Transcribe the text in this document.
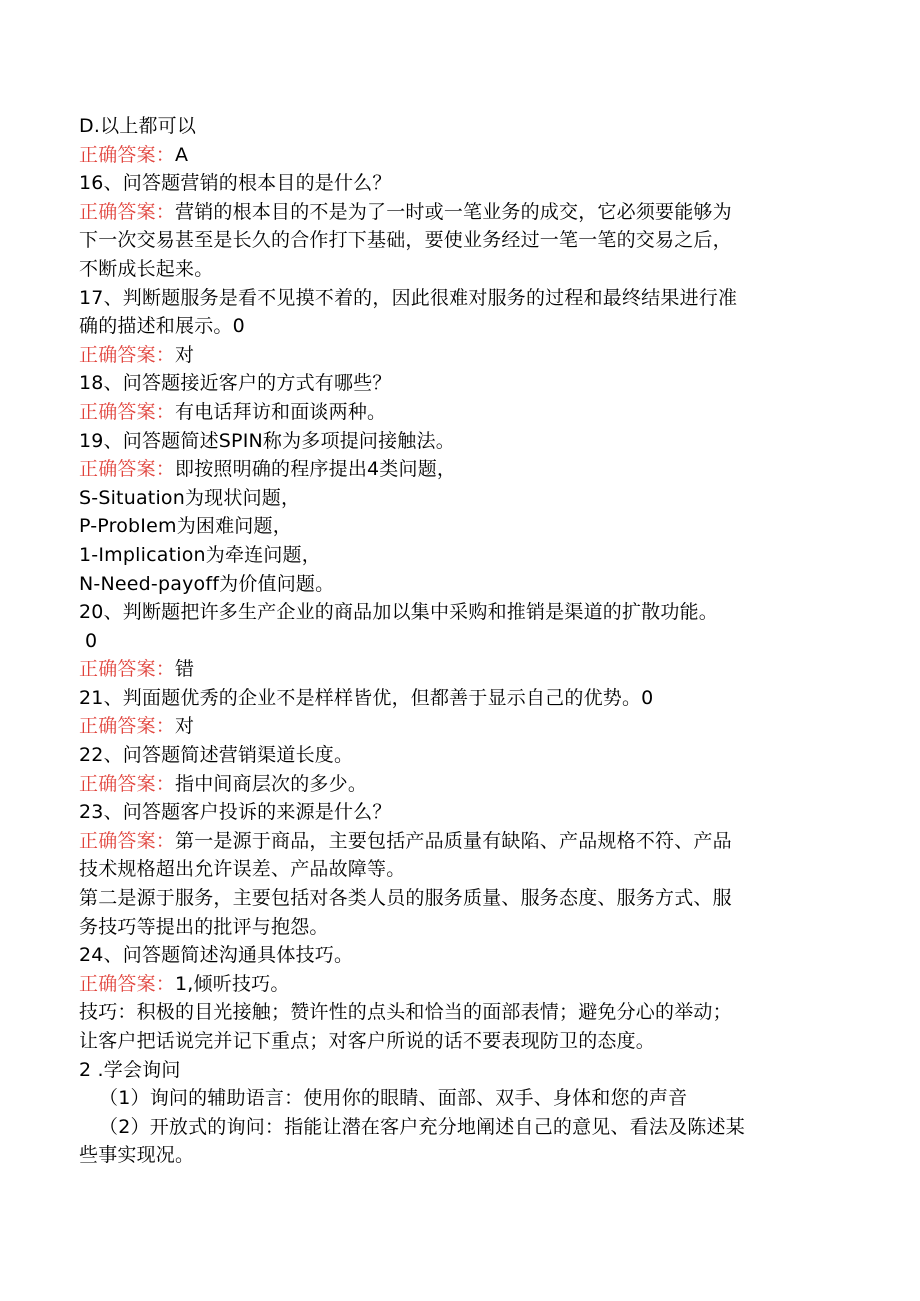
D.以上都可以
正确答案：A
16、问答题营销的根本目的是什么？
正确答案：营销的根本目的不是为了一时或一笔业务的成交，它必须要能够为
下一次交易甚至是长久的合作打下基础，要使业务经过一笔一笔的交易之后，
不断成长起来。
17、判断题服务是看不见摸不着的，因此很难对服务的过程和最终结果进行准
确的描述和展示。0
正确答案：对
18、问答题接近客户的方式有哪些？
正确答案：有电话拜访和面谈两种。
19、问答题简述SPIN称为多项提问接触法。
正确答案：即按照明确的程序提出4类问题，
S-Situation为现状问题，
P-ProbIem为困难问题，
1-Implication为牵连问题，
N-Need-payoff为价值问题。
20、判断题把许多生产企业的商品加以集中采购和推销是渠道的扩散功能。
0
正确答案：错
21、判面题优秀的企业不是样样皆优，但都善于显示自己的优势。0
正确答案：对
22、问答题简述营销渠道长度。
正确答案：指中间商层次的多少。
23、问答题客户投诉的来源是什么？
正确答案：第一是源于商品，主要包括产品质量有缺陷、产品规格不符、产品
技术规格超出允许误差、产品故障等。
第二是源于服务，主要包括对各类人员的服务质量、服务态度、服务方式、服
务技巧等提出的批评与抱怨。
24、问答题简述沟通具体技巧。
正确答案：1,倾听技巧。
技巧：积极的目光接触；赞许性的点头和恰当的面部表情；避免分心的举动；
让客户把话说完并记下重点；对客户所说的话不要表现防卫的态度。
2 .学会询问
（1）询问的辅助语言：使用你的眼睛、面部、双手、身体和您的声音
（2）开放式的询问：指能让潜在客户充分地阐述自己的意见、看法及陈述某
些事实现况。
